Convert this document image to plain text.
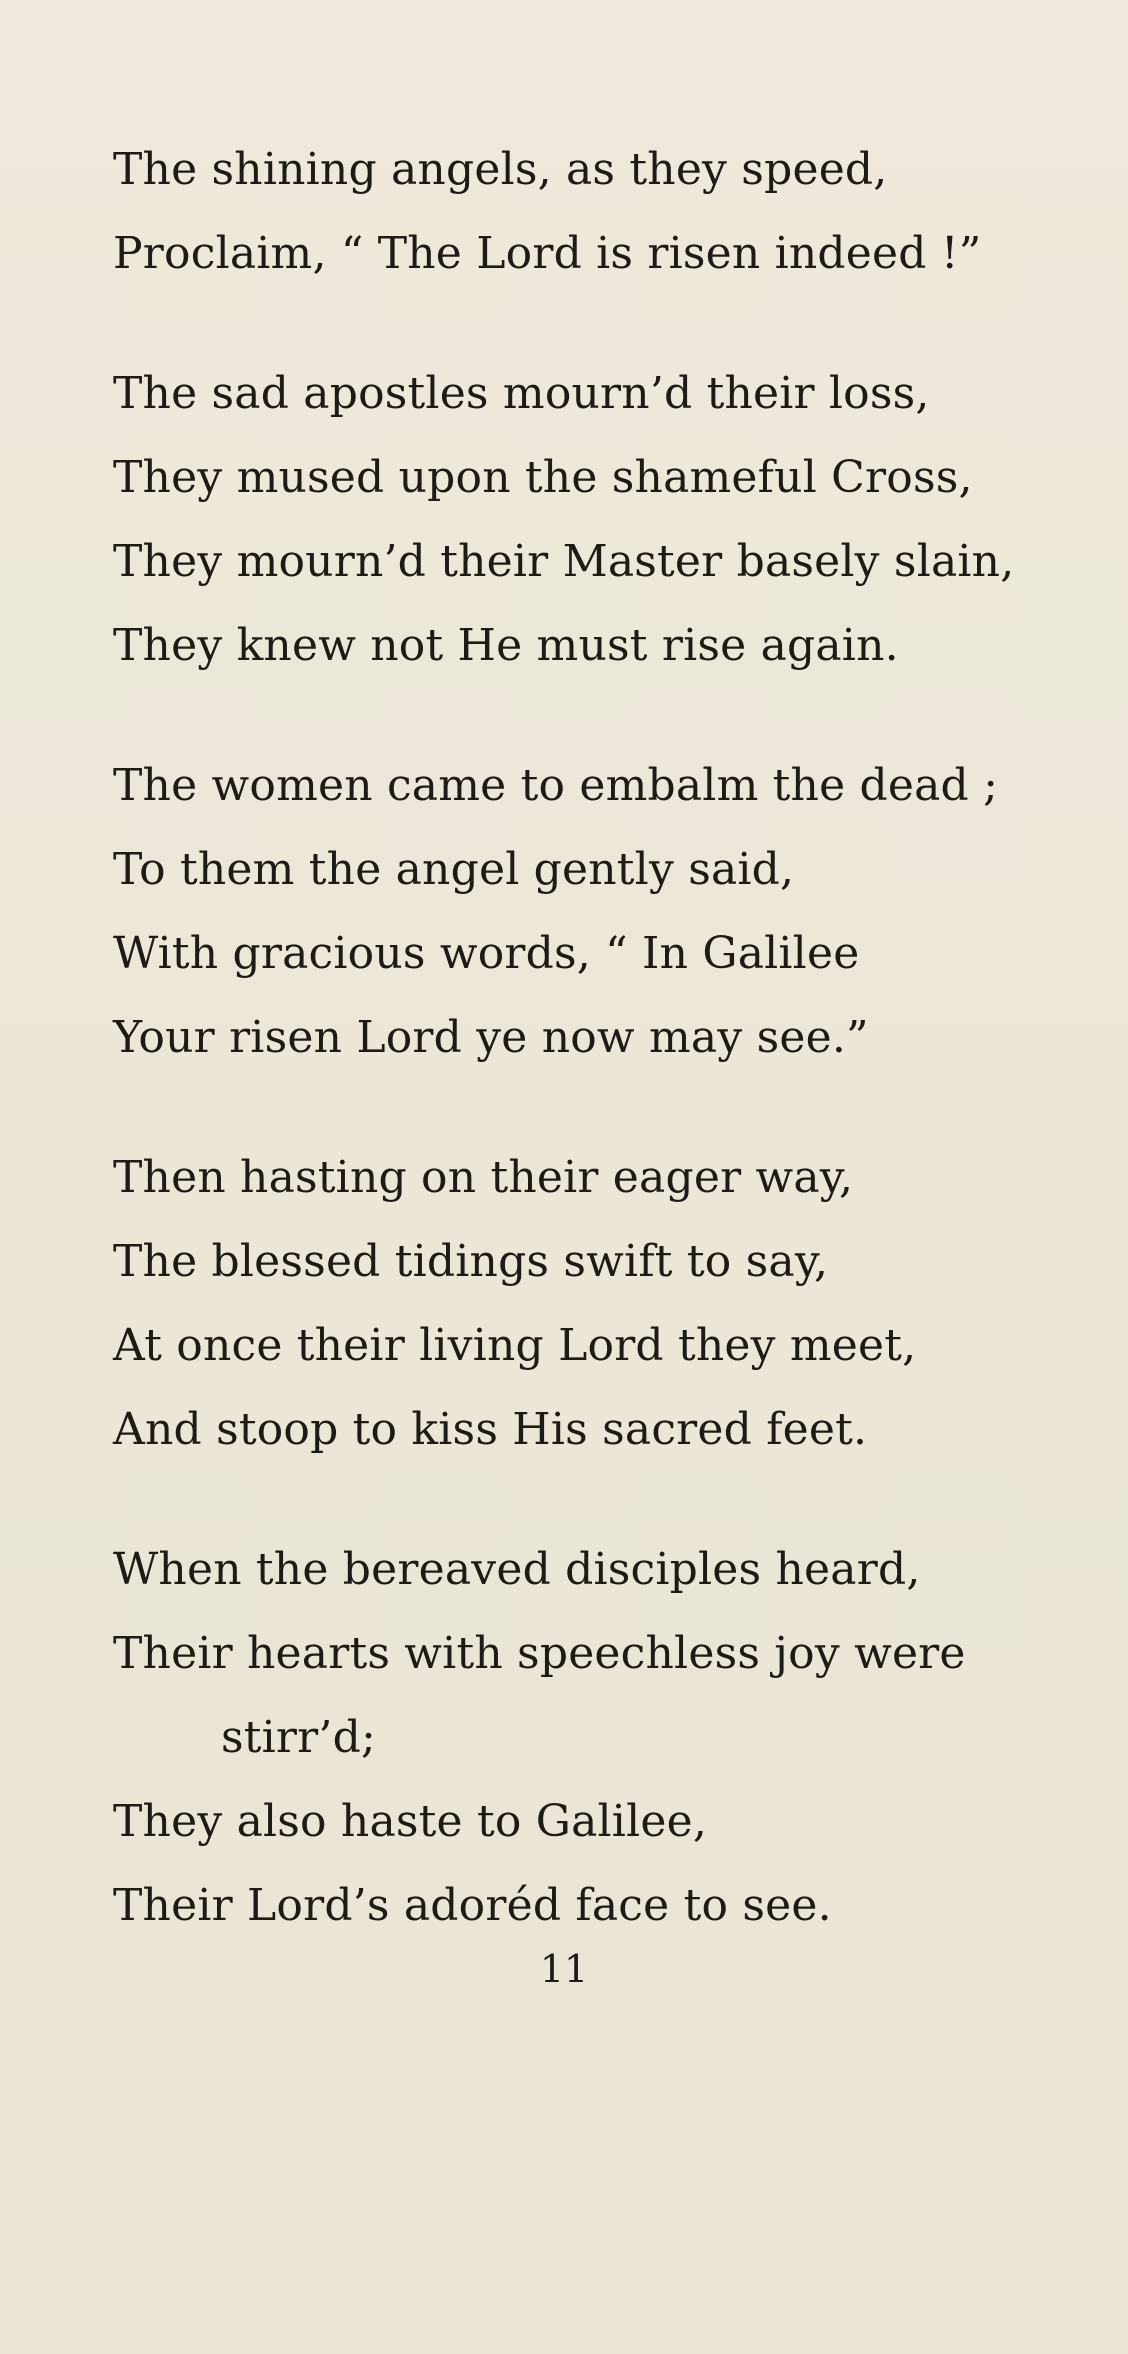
The shining angels, as they speed,
Proclaim, “ The Lord is risen indeed !”
The sad apostles mourn’d their loss,
They mused upon the shameful Cross,
They mourn’d their Master basely slain,
They knew not He must rise again.
The women came to embalm the dead ;
To them the angel gently said,
With gracious words, “ In Galilee
Your risen Lord ye now may see.”
Then hasting on their eager way,
The blessed tidings swift to say,
At once their living Lord they meet,
And stoop to kiss His sacred feet.
When the bereaved disciples heard,
Their hearts with speechless joy were
stirr’d;
They also haste to Galilee,
Their Lord’s adoréd face to see.
11
